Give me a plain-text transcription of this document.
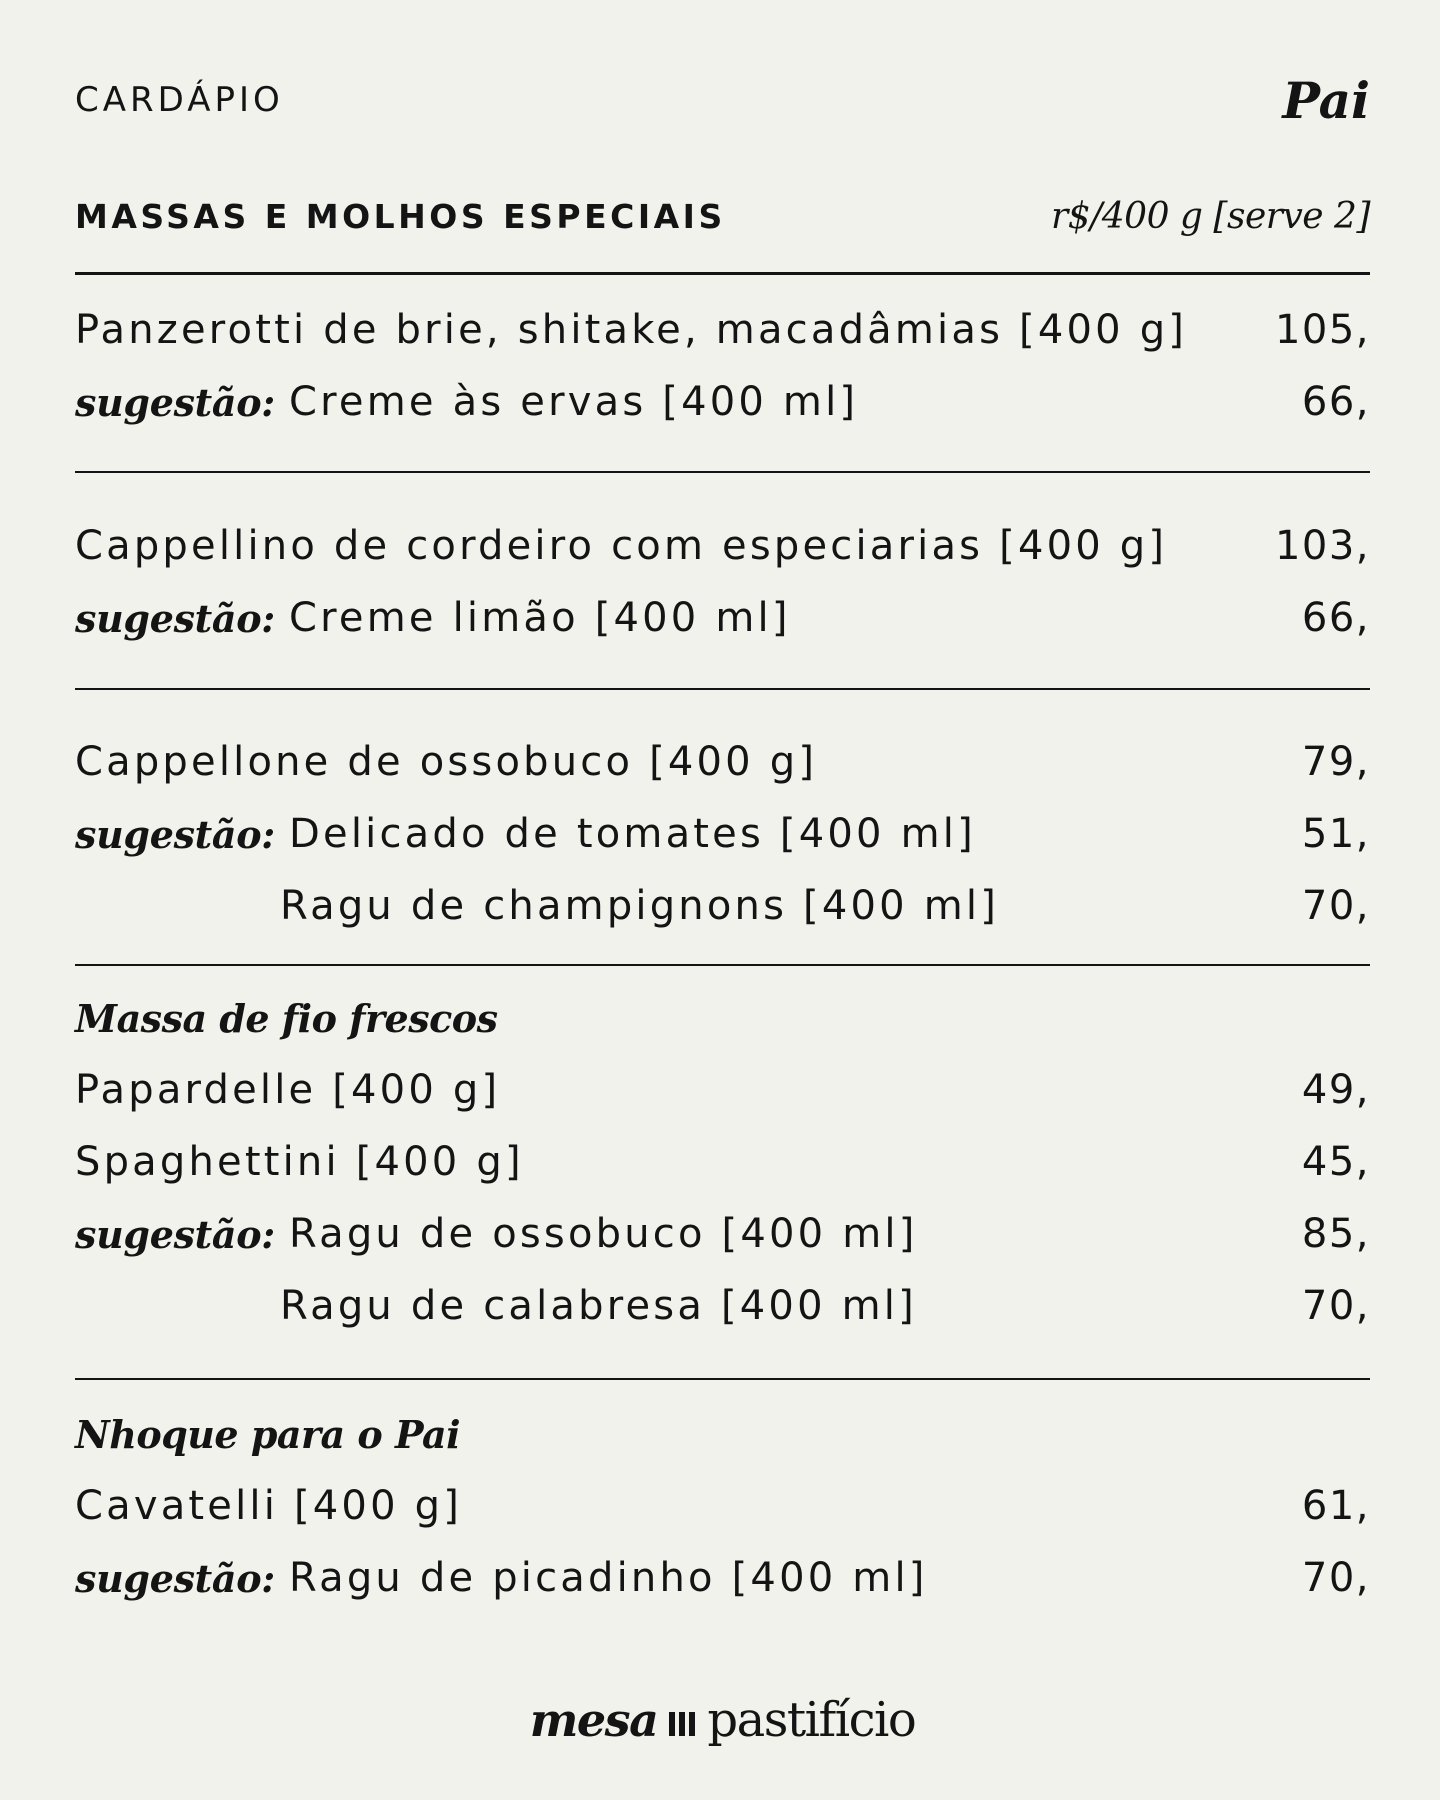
CARDÁPIO	Pai
MASSAS E MOLHOS ESPECIAIS	r$/400 g [serve 2]
Panzerotti de brie, shitake, macadâmias [400 g] 105,
sugestão: Creme às ervas [400 ml]	66,
Cappellino de cordeiro com especiarias [400 g]	103,
sugestão: Creme limão [400 ml]	66,
Cappellone de ossobuco [400 g]	79,
sugestão: Delicado de tomates [400 ml]	51,
Ragu de champignons [400 ml]	70,
Massa de fio frescos
Papardelle [400 g]	49,
Spaghettini [400 g]	45,
sugestão: Ragu de ossobuco [400 ml]	85,
Ragu de calabresa [400 ml]	70,
Nhoque para o Pai
Cavatelli [400 g]	61,
sugestão: Ragu de picadinho [400 ml]	70,
mesa pastifício
